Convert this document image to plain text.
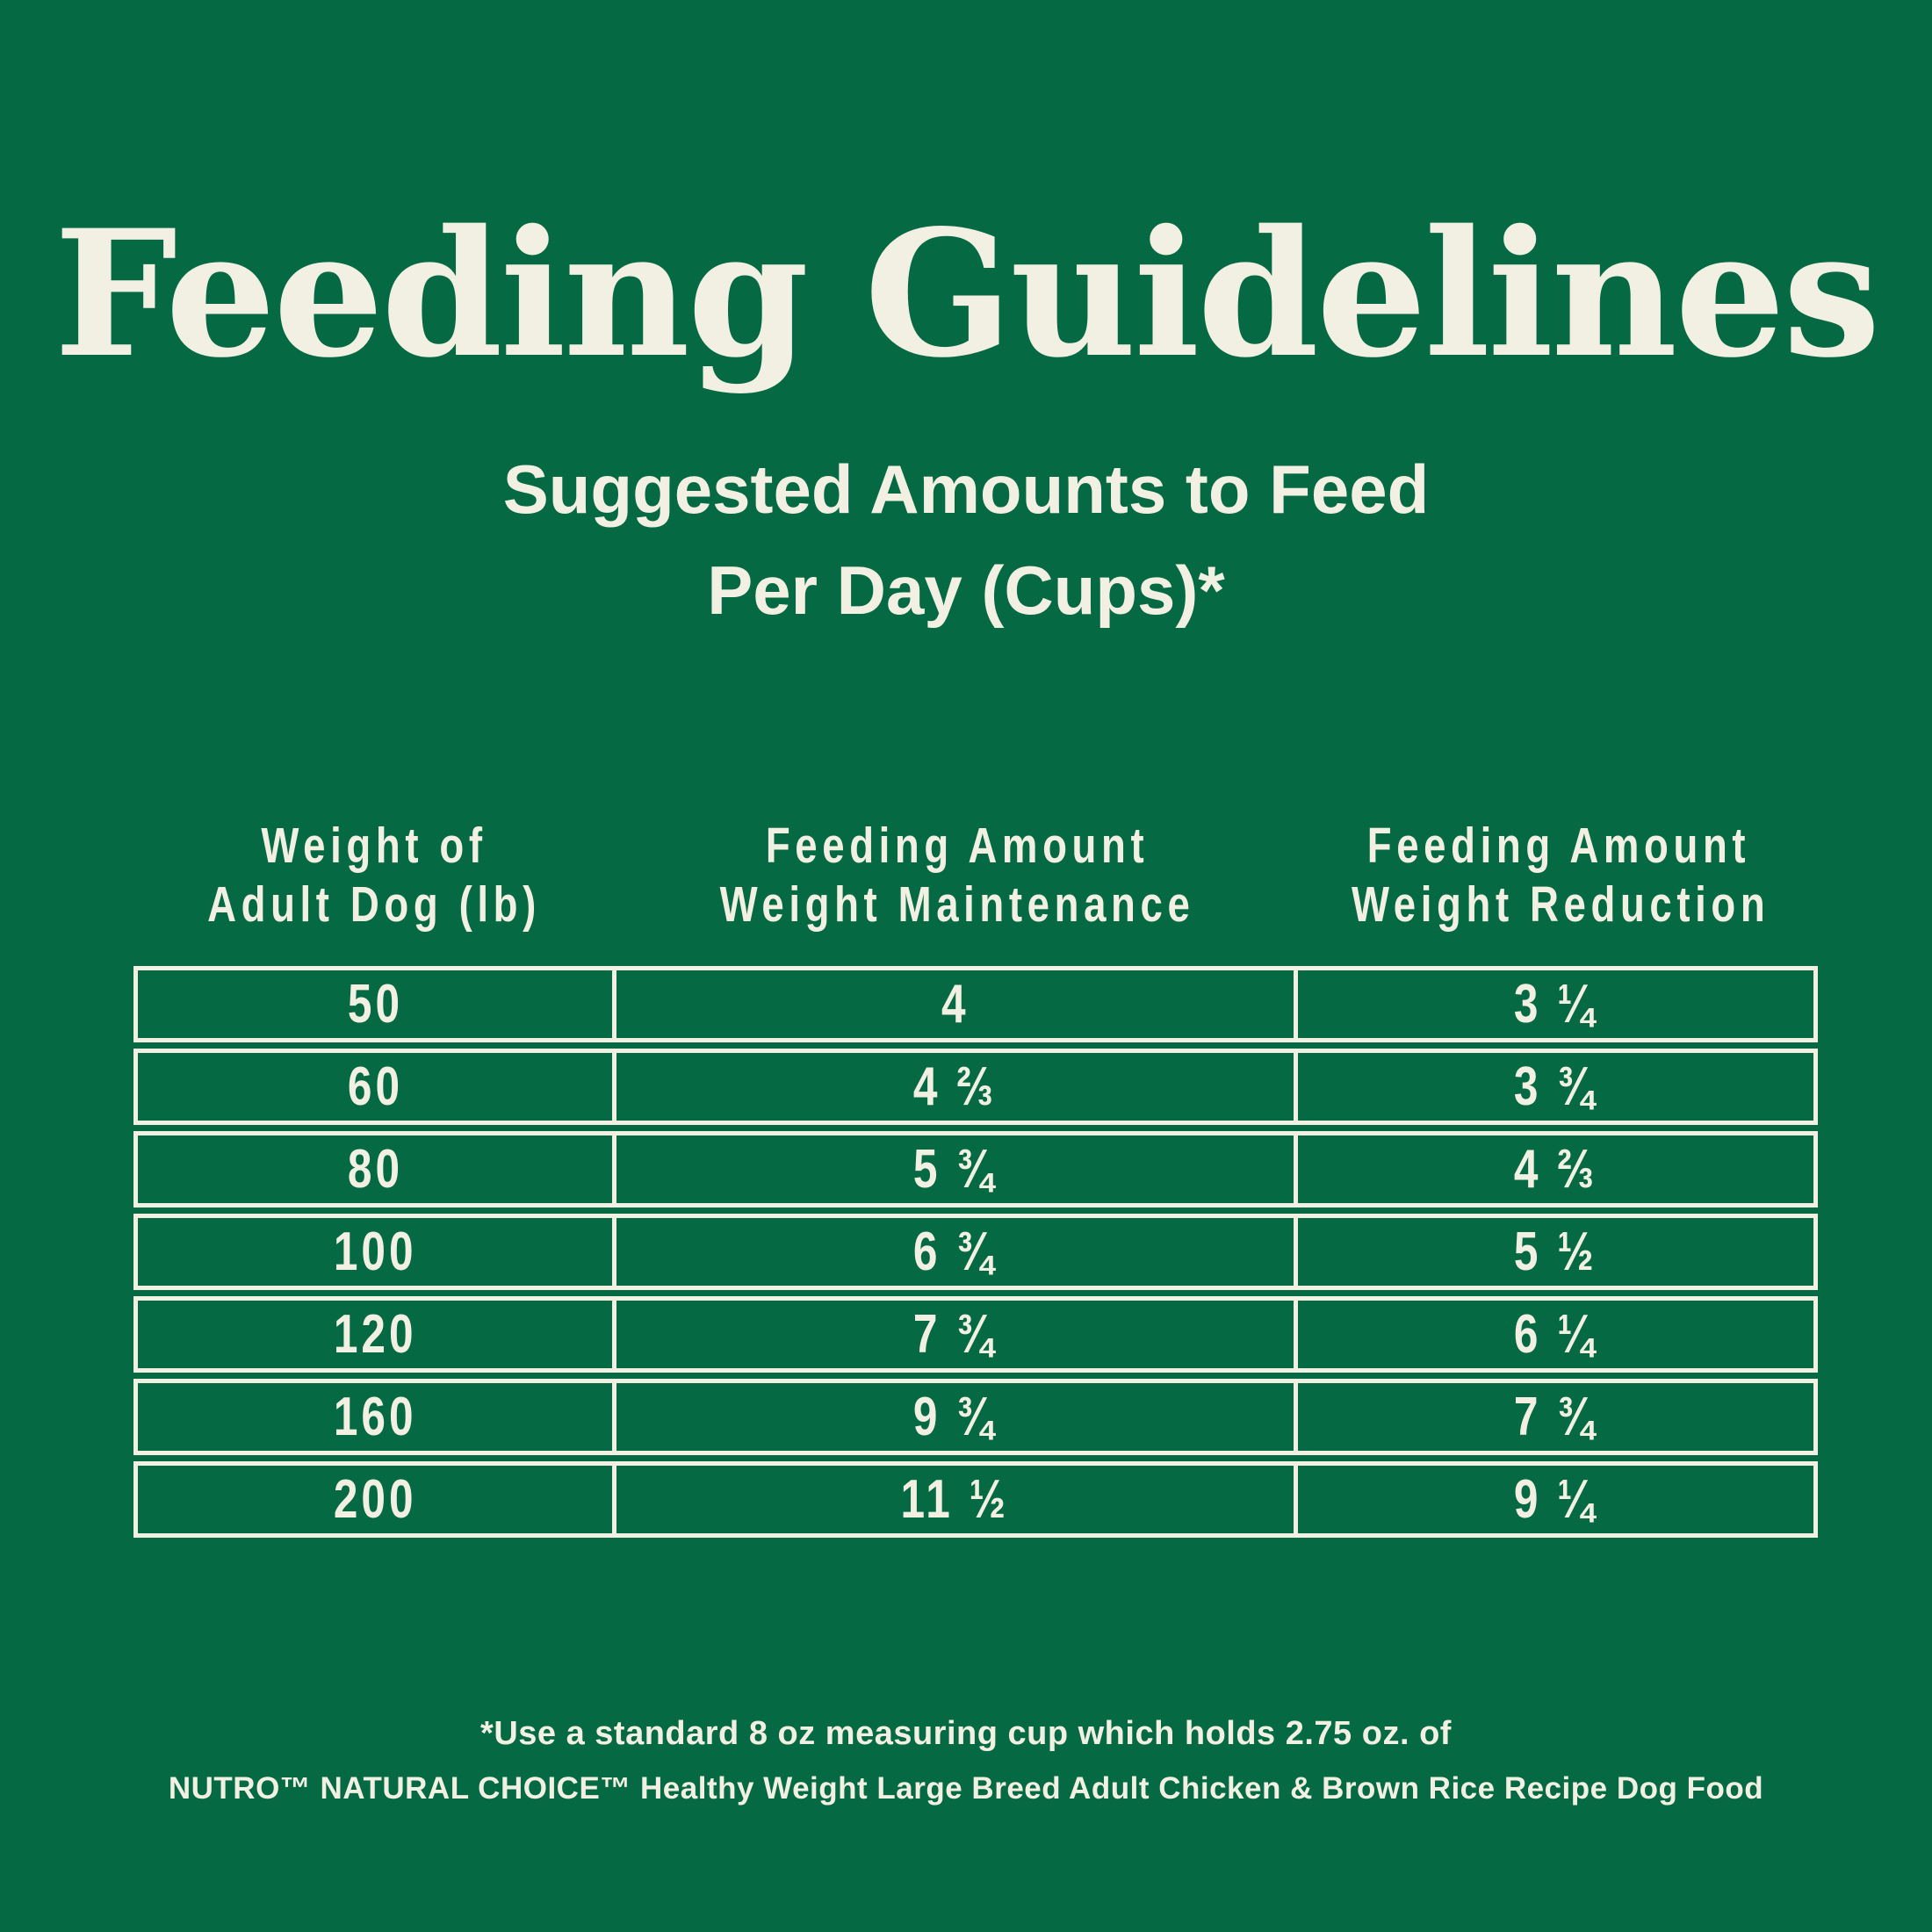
Feeding Guidelines
Suggested Amounts to Feed
Per Day (Cups)*
Weight of
Adult Dog (lb)
Feeding Amount
Weight Maintenance
Feeding Amount
Weight Reduction
50	4	3 ¼
60	4 ⅔	3 ¾
80	5 ¾	4 ⅔
100	6 ¾	5 ½
120	7 ¾	6 ¼
160	9 ¾	7 ¾
200	11 ½	9 ¼
*Use a standard 8 oz measuring cup which holds 2.75 oz. of
NUTRO™ NATURAL CHOICE™ Healthy Weight Large Breed Adult Chicken & Brown Rice Recipe Dog Food
